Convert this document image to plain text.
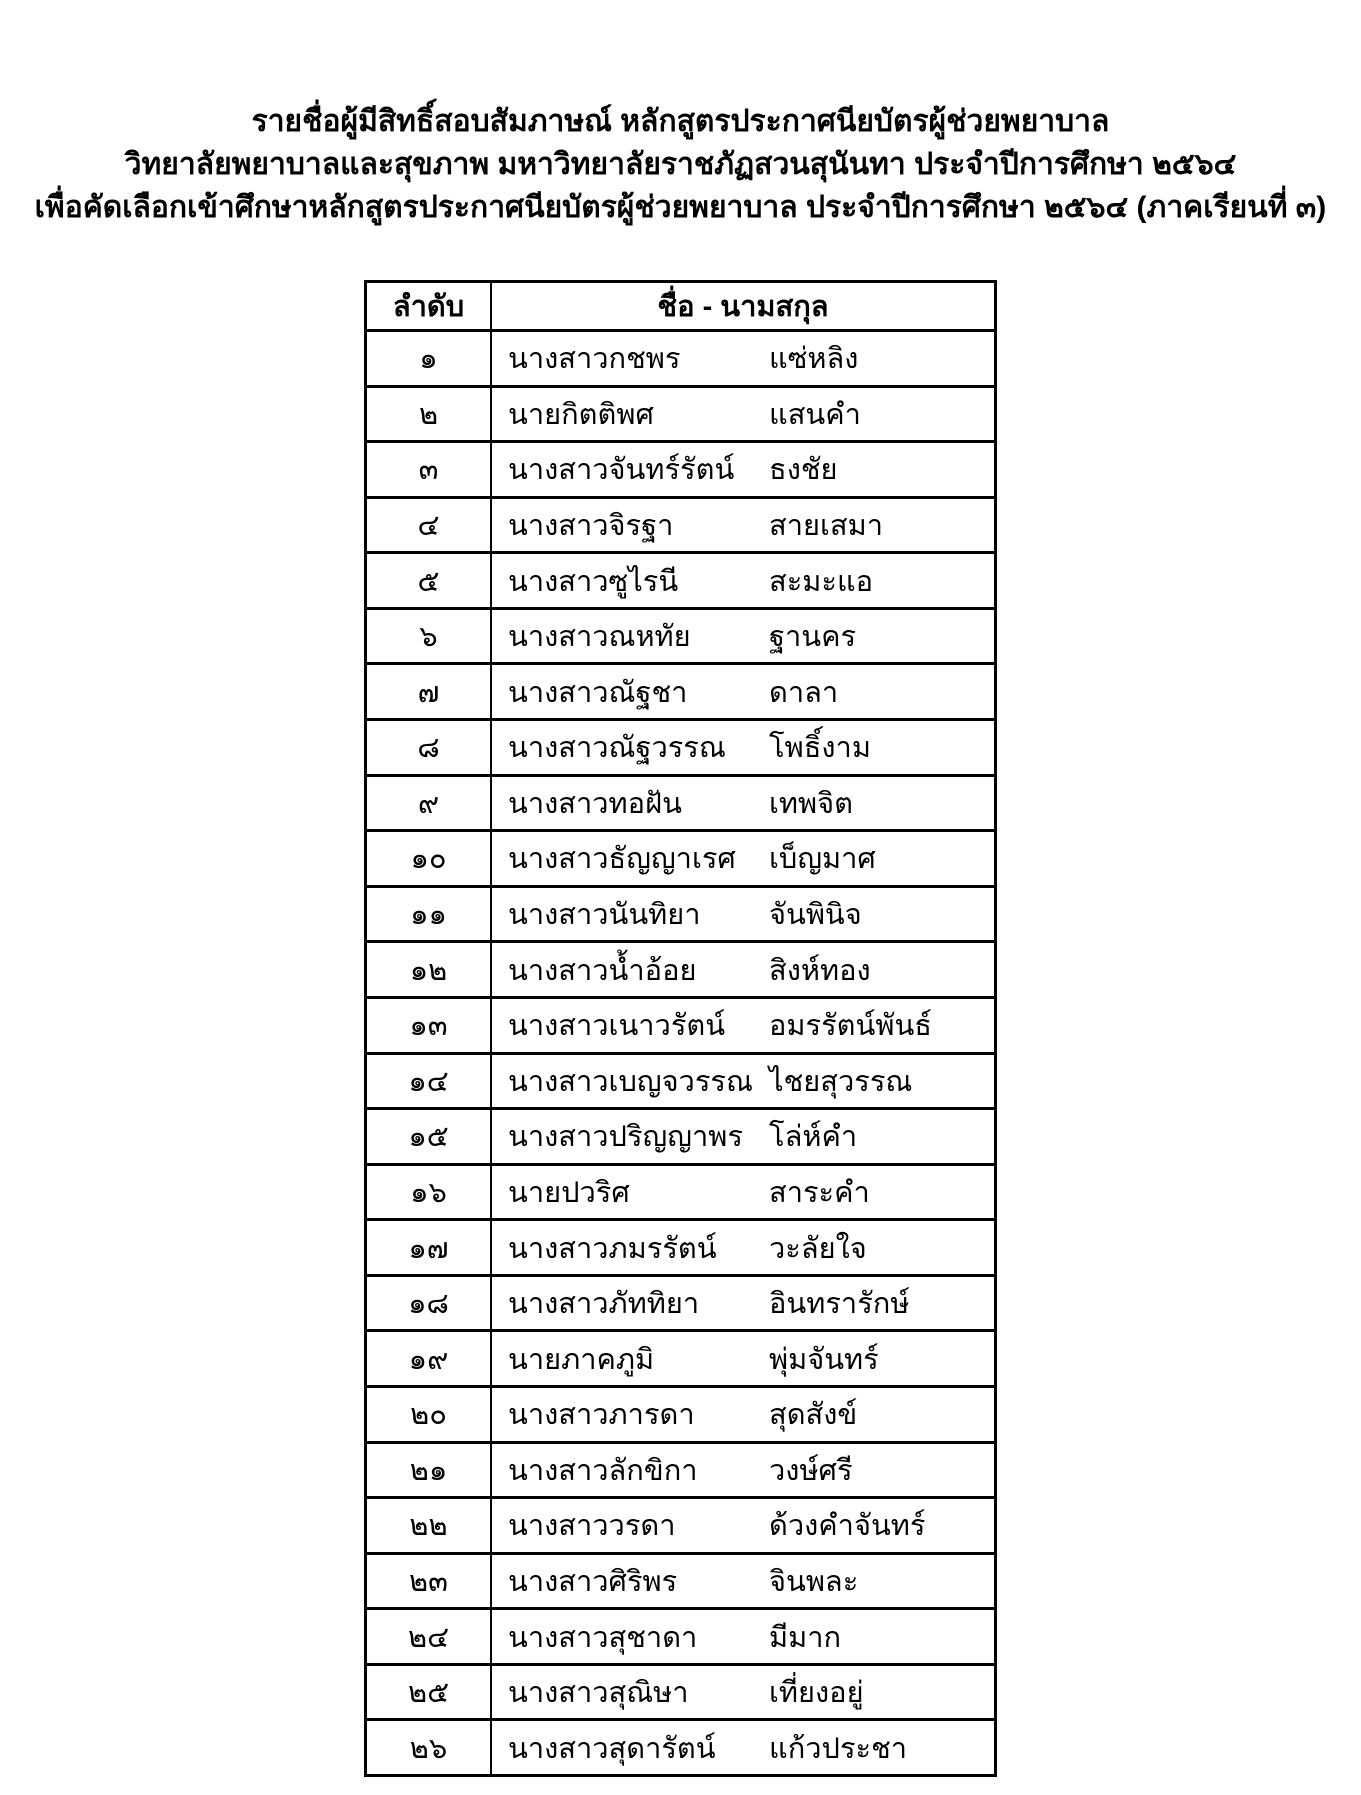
รายชื่อผู้มีสิทธิ์สอบสัมภาษณ์ หลักสูตรประกาศนียบัตรผู้ช่วยพยาบาล
วิทยาลัยพยาบาลและสุขภาพ มหาวิทยาลัยราชภัฏสวนสุนันทา ประจำปีการศึกษา ๒๕๖๔
เพื่อคัดเลือกเข้าศึกษาหลักสูตรประกาศนียบัตรผู้ช่วยพยาบาล ประจำปีการศึกษา ๒๕๖๔ (ภาคเรียนที่ ๓)
ลำดับ	ชื่อ - นามสกุล
๑	นางสาวกชพร	แซ่หลิง
๒	นายกิตติพศ	แสนคำ
๓	นางสาวจันทร์รัตน์	ธงชัย
๔	นางสาวจิรฐา	สายเสมา
๕	นางสาวซูไรนี	สะมะแอ
๖	นางสาวณหทัย	ฐานคร
๗	นางสาวณัฐชา	ดาลา
๘	นางสาวณัฐวรรณ	โพธิ์งาม
๙	นางสาวทอฝัน	เทพจิต
๑๐	นางสาวธัญญาเรศ	เบ็ญมาศ
๑๑	นางสาวนันทิยา	จันพินิจ
๑๒	นางสาวน้ำอ้อย	สิงห์ทอง
๑๓	นางสาวเนาวรัตน์	อมรรัตน์พันธ์
๑๔	นางสาวเบญจวรรณ ไชยสุวรรณ
๑๕	นางสาวปริญญาพร โล่ห์คำ
๑๖	นายปวริศ	สาระคำ
๑๗	นางสาวภมรรัตน์	วะลัยใจ
๑๘	นางสาวภัททิยา	อินทรารักษ์
๑๙	นายภาคภูมิ	พุ่มจันทร์
๒๐	นางสาวภารดา	สุดสังข์
๒๑	นางสาวลักขิกา	วงษ์ศรี
๒๒	นางสาววรดา	ด้วงคำจันทร์
๒๓	นางสาวศิริพร	จินพละ
๒๔	นางสาวสุชาดา	มีมาก
๒๕	นางสาวสุณิษา	เที่ยงอยู่
๒๖	นางสาวสุดารัตน์	แก้วประชา
